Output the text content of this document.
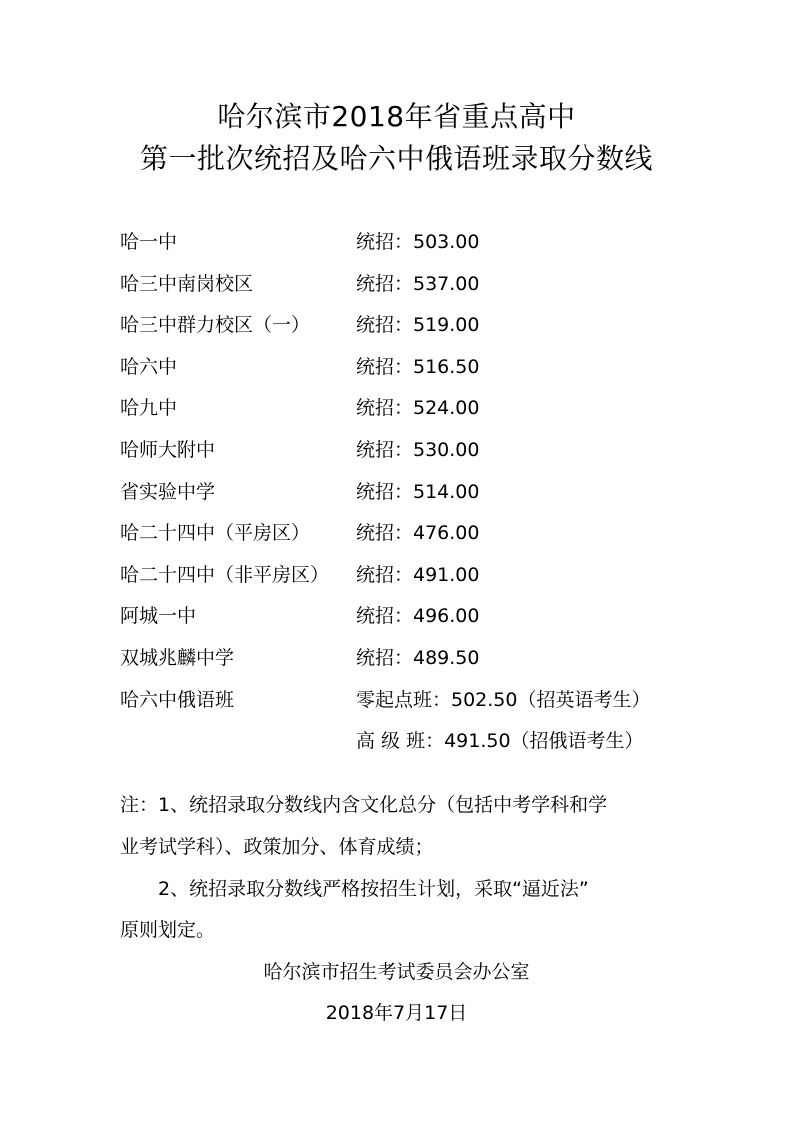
哈尔滨市2018年省重点高中
第一批次统招及哈六中俄语班录取分数线
哈一中	统招：503.00
哈三中南岗校区	统招：537.00
哈三中群力校区（一） 统招：519.00
哈六中	统招：516.50
哈九中	统招：524.00
哈师大附中	统招：530.00
省实验中学	统招：514.00
哈二十四中（平房区） 统招：476.00
哈二十四中（非平房区） 统招：491.00
阿城一中	统招：496.00
双城兆麟中学	统招：489.50
哈六中俄语班	零起点班：502.50（招英语考生）
高 级 班：491.50（招俄语考生）
注：1、统招录取分数线内含文化总分（包括中考学科和学
业考试学科）、政策加分、体育成绩；
2、统招录取分数线严格按招生计划，采取“逼近法”
原则划定。
哈尔滨市招生考试委员会办公室
2018年7月17日
